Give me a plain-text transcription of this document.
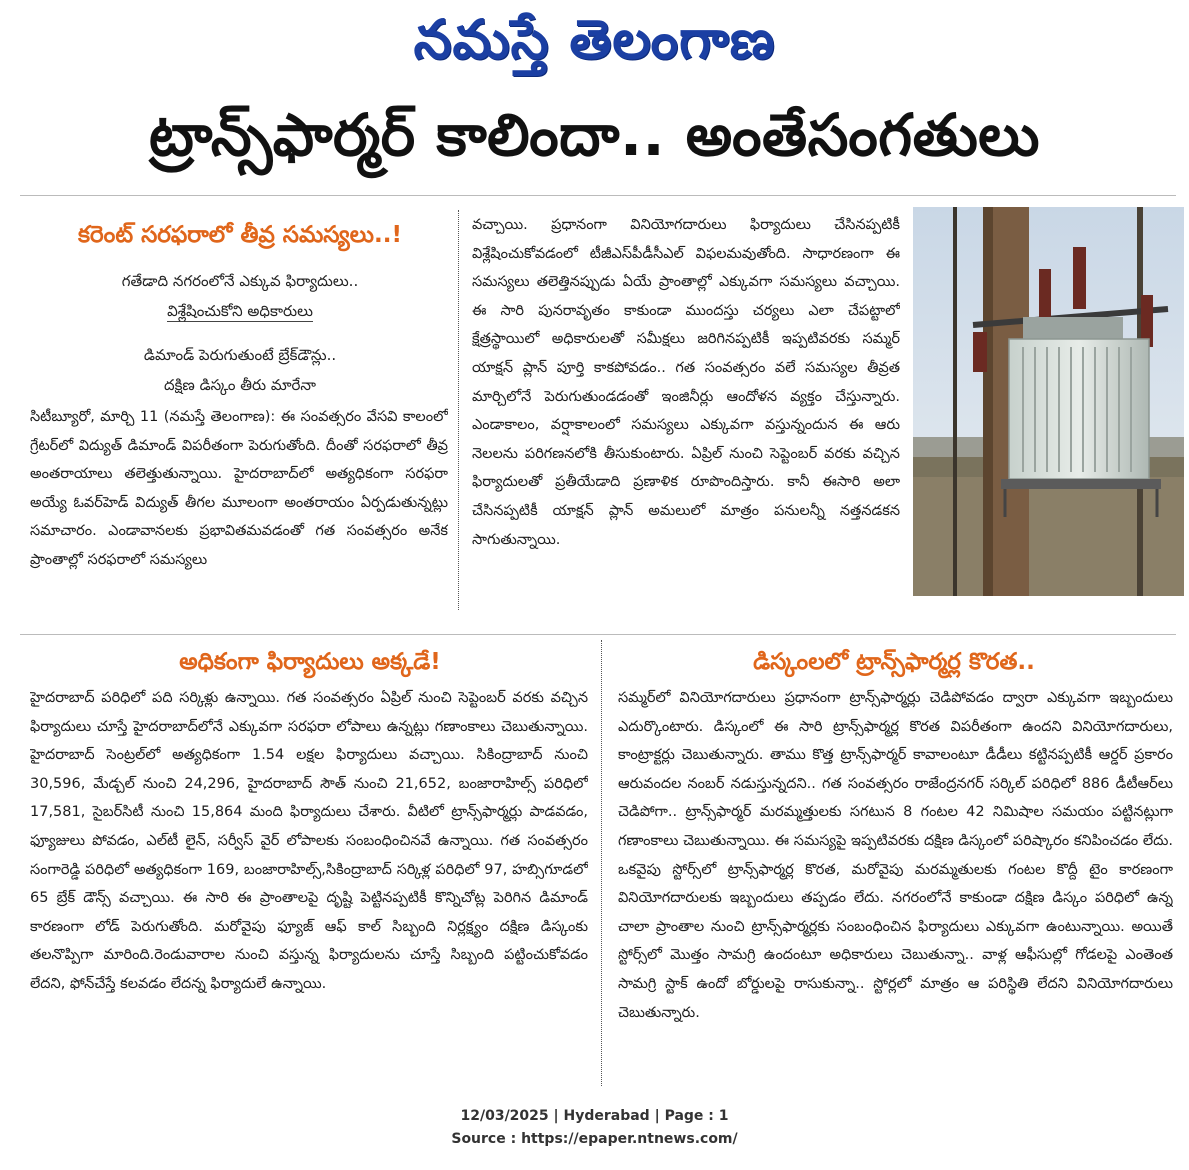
నమస్తే తెలంగాణ
ట్రాన్స్‌ఫార్మర్ కాలిందా.. అంతేసంగతులు
కరెంట్ సరఫరాలో తీవ్ర సమస్యలు..!
గతేడాది నగరంలోనే ఎక్కువ ఫిర్యాదులు..
విశ్లేషించుకోని అధికారులు
డిమాండ్ పెరుగుతుంటే బ్రేక్‌డౌన్లు..
దక్షిణ డిస్కం తీరు మారేనా

సిటీబ్యూరో, మార్చి 11 (నమస్తే తెలంగాణ): ఈ సంవత్సరం వేసవి కాలంలో గ్రేటర్‌లో విద్యుత్ డిమాండ్ విపరీతంగా పెరుగుతోంది. దీంతో సరఫరాలో తీవ్ర అంతరాయాలు తలెత్తుతున్నాయి. హైదరాబాద్‌లో అత్యధికంగా సరఫరా అయ్యే ఓవర్‌హెడ్ విద్యుత్ తీగల మూలంగా అంతరాయం ఏర్పడుతున్నట్లు సమాచారం. ఎండావానలకు ప్రభావితమవడంతో గత సంవత్సరం అనేక ప్రాంతాల్లో సరఫరాలో సమస్యలు

వచ్చాయి. ప్రధానంగా వినియోగదారులు ఫిర్యాదులు చేసినప్పటికీ విశ్లేషించుకోవడంలో టీజీఎస్‌పీడీసీఎల్ విఫలమవుతోంది. సాధారణంగా ఈ సమస్యలు తలెత్తినప్పుడు ఏయే ప్రాంతాల్లో ఎక్కువగా సమస్యలు వచ్చాయి. ఈ సారి పునరావృతం కాకుండా ముందస్తు చర్యలు ఎలా చేపట్టాలో క్షేత్రస్థాయిలో అధికారులతో సమీక్షలు జరిగినప్పటికీ ఇప్పటివరకు సమ్మర్ యాక్షన్ ప్లాన్ పూర్తి కాకపోవడం.. గత సంవత్సరం వలే సమస్యల తీవ్రత మార్చిలోనే పెరుగుతుండడంతో ఇంజినీర్లు ఆందోళన వ్యక్తం చేస్తున్నారు. ఎండాకాలం, వర్షాకాలంలో సమస్యలు ఎక్కువగా వస్తున్నందున ఈ ఆరు నెలలను పరిగణనలోకి తీసుకుంటారు. ఏప్రిల్ నుంచి సెప్టెంబర్ వరకు వచ్చిన ఫిర్యాదులతో ప్రతీయేడాది ప్రణాళిక రూపొందిస్తారు. కానీ ఈసారి అలా చేసినప్పటికీ యాక్షన్ ప్లాన్ అమలులో మాత్రం పనులన్నీ నత్తనడకన సాగుతున్నాయి.

అధికంగా ఫిర్యాదులు అక్కడే!

హైదరాబాద్ పరిధిలో పది సర్కిళ్లు ఉన్నాయి. గత సంవత్సరం ఏప్రిల్ నుంచి సెప్టెంబర్ వరకు వచ్చిన ఫిర్యాదులు చూస్తే హైదరాబాద్‌లోనే ఎక్కువగా సరఫరా లోపాలు ఉన్నట్లు గణాంకాలు చెబుతున్నాయి. హైదరాబాద్ సెంట్రల్‌లో అత్యధికంగా 1.54 లక్షల ఫిర్యాదులు వచ్చాయి. సికింద్రాబాద్ నుంచి 30,596, మేడ్చల్ నుంచి 24,296, హైదరాబాద్ సౌత్ నుంచి 21,652, బంజారాహిల్స్ పరిధిలో 17,581, సైబర్‌సిటీ నుంచి 15,864 మంది ఫిర్యాదులు చేశారు. వీటిలో ట్రాన్స్‌ఫార్మర్లు పాడవడం, ఫ్యూజులు పోవడం, ఎల్‌టీ లైన్, సర్వీస్ వైర్ లోపాలకు సంబంధించినవే ఉన్నాయి. గత సంవత్సరం సంగారెడ్డి పరిధిలో అత్యధికంగా 169, బంజారాహిల్స్,సికింద్రాబాద్ సర్కిళ్ల పరిధిలో 97, హబ్సిగూడలో 65 బ్రేక్ డౌన్స్ వచ్చాయి. ఈ సారి ఈ ప్రాంతాలపై దృష్టి పెట్టినప్పటికీ కొన్నిచోట్ల పెరిగిన డిమాండ్ కారణంగా లోడ్ పెరుగుతోంది. మరోవైపు ఫ్యూజ్ ఆఫ్ కాల్ సిబ్బంది నిర్లక్ష్యం దక్షిణ డిస్కంకు తలనొప్పిగా మారింది.రెండువారాల నుంచి వస్తున్న ఫిర్యాదులను చూస్తే సిబ్బంది పట్టించుకోవడం లేదని, ఫోన్‌చేస్తే కలవడం లేదన్న ఫిర్యాదులే ఉన్నాయి.

డిస్కంలలో ట్రాన్స్‌ఫార్మర్ల కొరత..

సమ్మర్‌లో వినియోగదారులు ప్రధానంగా ట్రాన్స్‌ఫార్మర్లు చెడిపోవడం ద్వారా ఎక్కువగా ఇబ్బందులు ఎదుర్కొంటారు. డిస్కంలో ఈ సారి ట్రాన్స్‌ఫార్మర్ల కొరత విపరీతంగా ఉందని వినియోగదారులు, కాంట్రాక్టర్లు చెబుతున్నారు. తాము కొత్త ట్రాన్స్‌ఫార్మర్ కావాలంటూ డీడీలు కట్టినప్పటికీ ఆర్డర్ ప్రకారం ఆరువందల నంబర్ నడుస్తున్నదని.. గత సంవత్సరం రాజేంద్రనగర్ సర్కిల్ పరిధిలో 886 డీటీఆర్‌లు చెడిపోగా.. ట్రాన్స్‌ఫార్మర్ మరమ్మత్తులకు సగటున 8 గంటల 42 నిమిషాల సమయం పట్టినట్లుగా గణాంకాలు చెబుతున్నాయి. ఈ సమస్యపై ఇప్పటివరకు దక్షిణ డిస్కంలో పరిష్కారం కనిపించడం లేదు. ఒకవైపు స్టోర్స్‌లో ట్రాన్స్‌ఫార్మర్ల కొరత, మరోవైపు మరమ్మతులకు గంటల కొద్దీ టైం కారణంగా వినియోగదారులకు ఇబ్బందులు తప్పడం లేదు. నగరంలోనే కాకుండా దక్షిణ డిస్కం పరిధిలో ఉన్న చాలా ప్రాంతాల నుంచి ట్రాన్స్‌ఫార్మర్లకు సంబంధించిన ఫిర్యాదులు ఎక్కువగా ఉంటున్నాయి. అయితే స్టోర్స్‌లో మొత్తం సామగ్రి ఉందంటూ అధికారులు చెబుతున్నా.. వాళ్ల ఆఫీసుల్లో గోడలపై ఎంతెంత సామగ్రి స్టాక్ ఉందో బోర్డులపై రాసుకున్నా.. స్టోర్లలో మాత్రం ఆ పరిస్థితి లేదని వినియోగదారులు చెబుతున్నారు.

12/03/2025 | Hyderabad | Page : 1
Source : https://epaper.ntnews.com/
